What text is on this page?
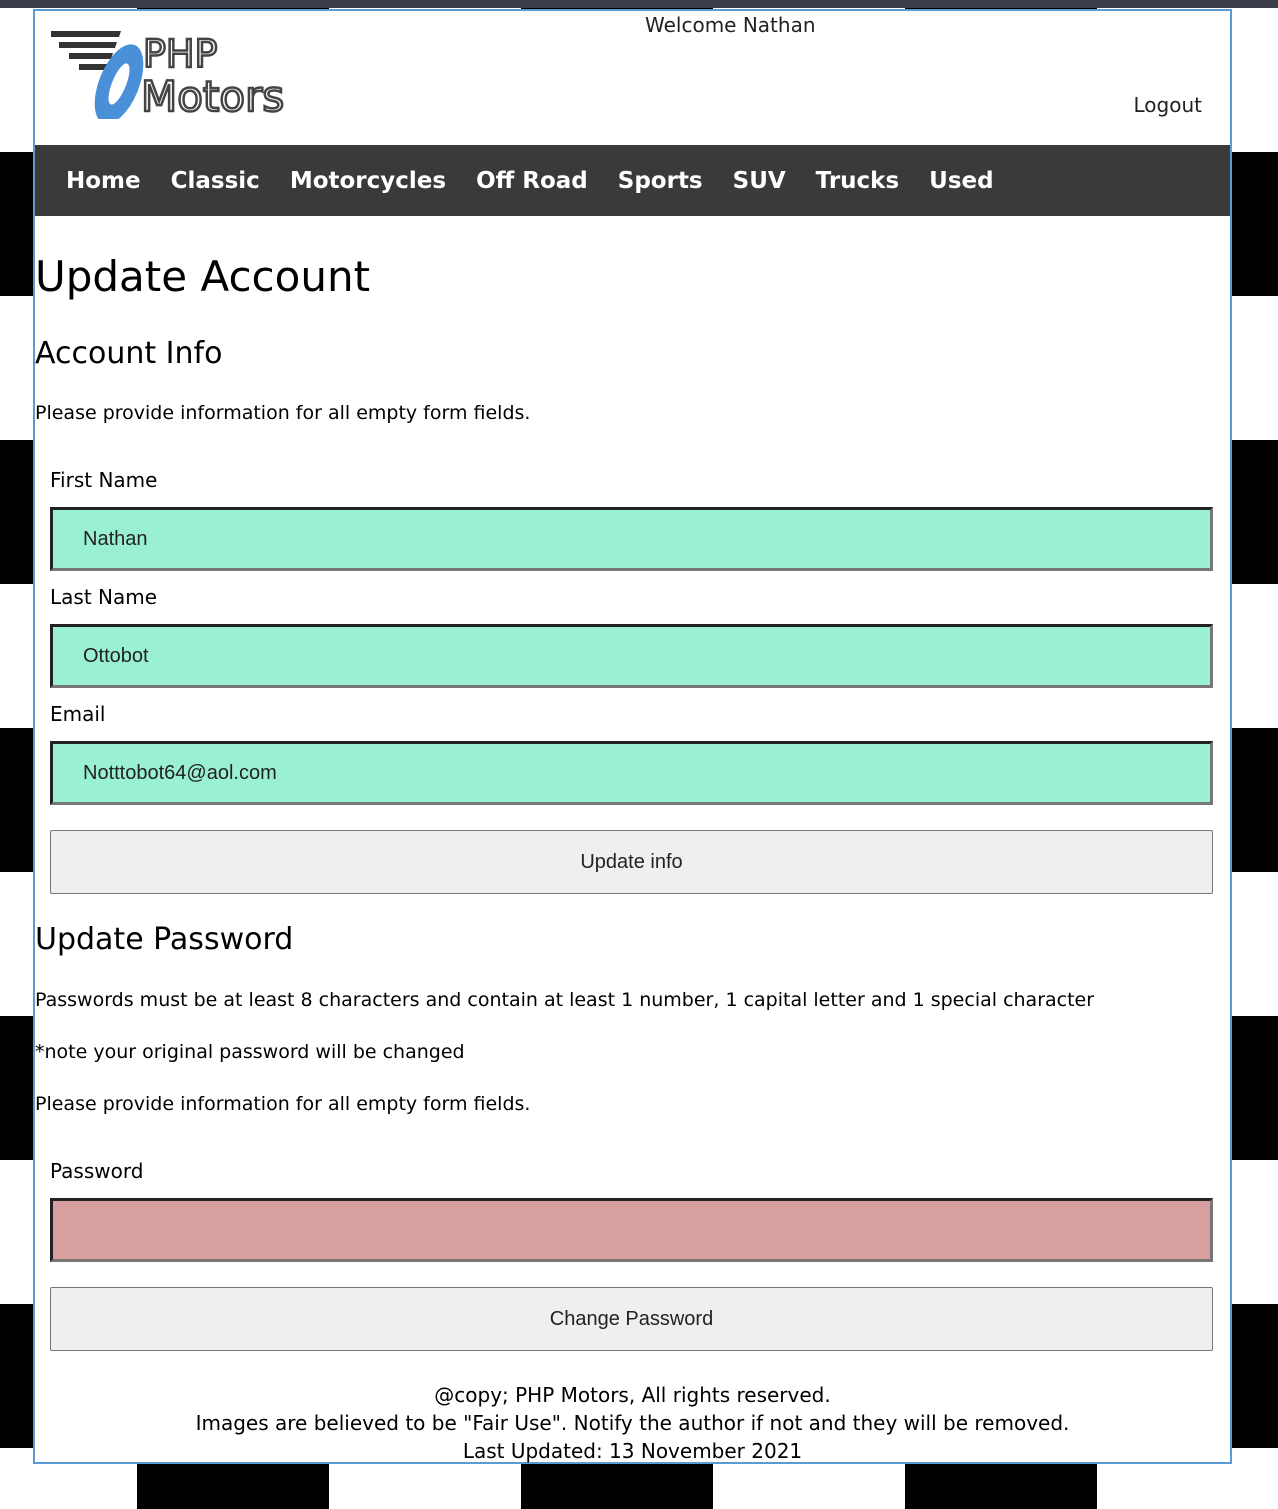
PHP
Motors
Welcome Nathan
Logout
Home Classic Motorcycles Off Road Sports SUV Trucks Used
Update Account
Account Info
Please provide information for all empty form fields.
First Name
Nathan
Last Name
Ottobot
Email
Notttobot64@aol.com
Update info
Update Password
Passwords must be at least 8 characters and contain at least 1 number, 1 capital letter and 1 special character
*note your original password will be changed
Please provide information for all empty form fields.
Password
Change Password
@copy; PHP Motors, All rights reserved.
Images are believed to be "Fair Use". Notify the author if not and they will be removed.
Last Updated: 13 November 2021
